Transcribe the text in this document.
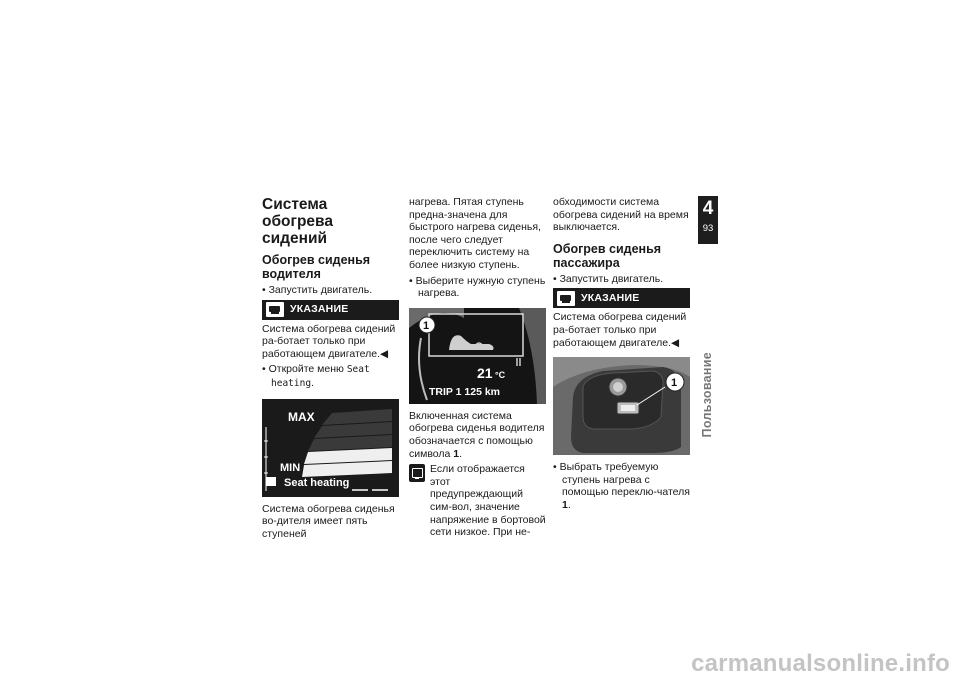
Система обогрева сидений
Обогрев сиденья водителя

• Запустить двигатель.

УКАЗАНИЕ

Система обогрева сидений ра-ботает только при работающем двигателе.◀

• Откройте меню Seat heating.

MAX
MIN
Seat heating

Система обогрева сиденья во-дителя имеет пять ступеней

нагрева. Пятая ступень предна-значена для быстрого нагрева сиденья, после чего следует переключить систему на более низкую ступень.

• Выберите нужную ступень нагрева.

1
21 °C
TRIP 1 125 km

Включенная система обогрева сиденья водителя обозначается с помощью символа 1.

Если отображается этот предупреждающий сим-вол, значение напряжение в бортовой сети низкое. При не-

обходимости система обогрева сидений на время выключается.

Обогрев сиденья пассажира

• Запустить двигатель.

УКАЗАНИЕ

Система обогрева сидений ра-ботает только при работающем двигателе.◀

1

• Выбрать требуемую ступень нагрева с помощью переклю-чателя 1.

4
93
Пользование
carmanualsonline.info
